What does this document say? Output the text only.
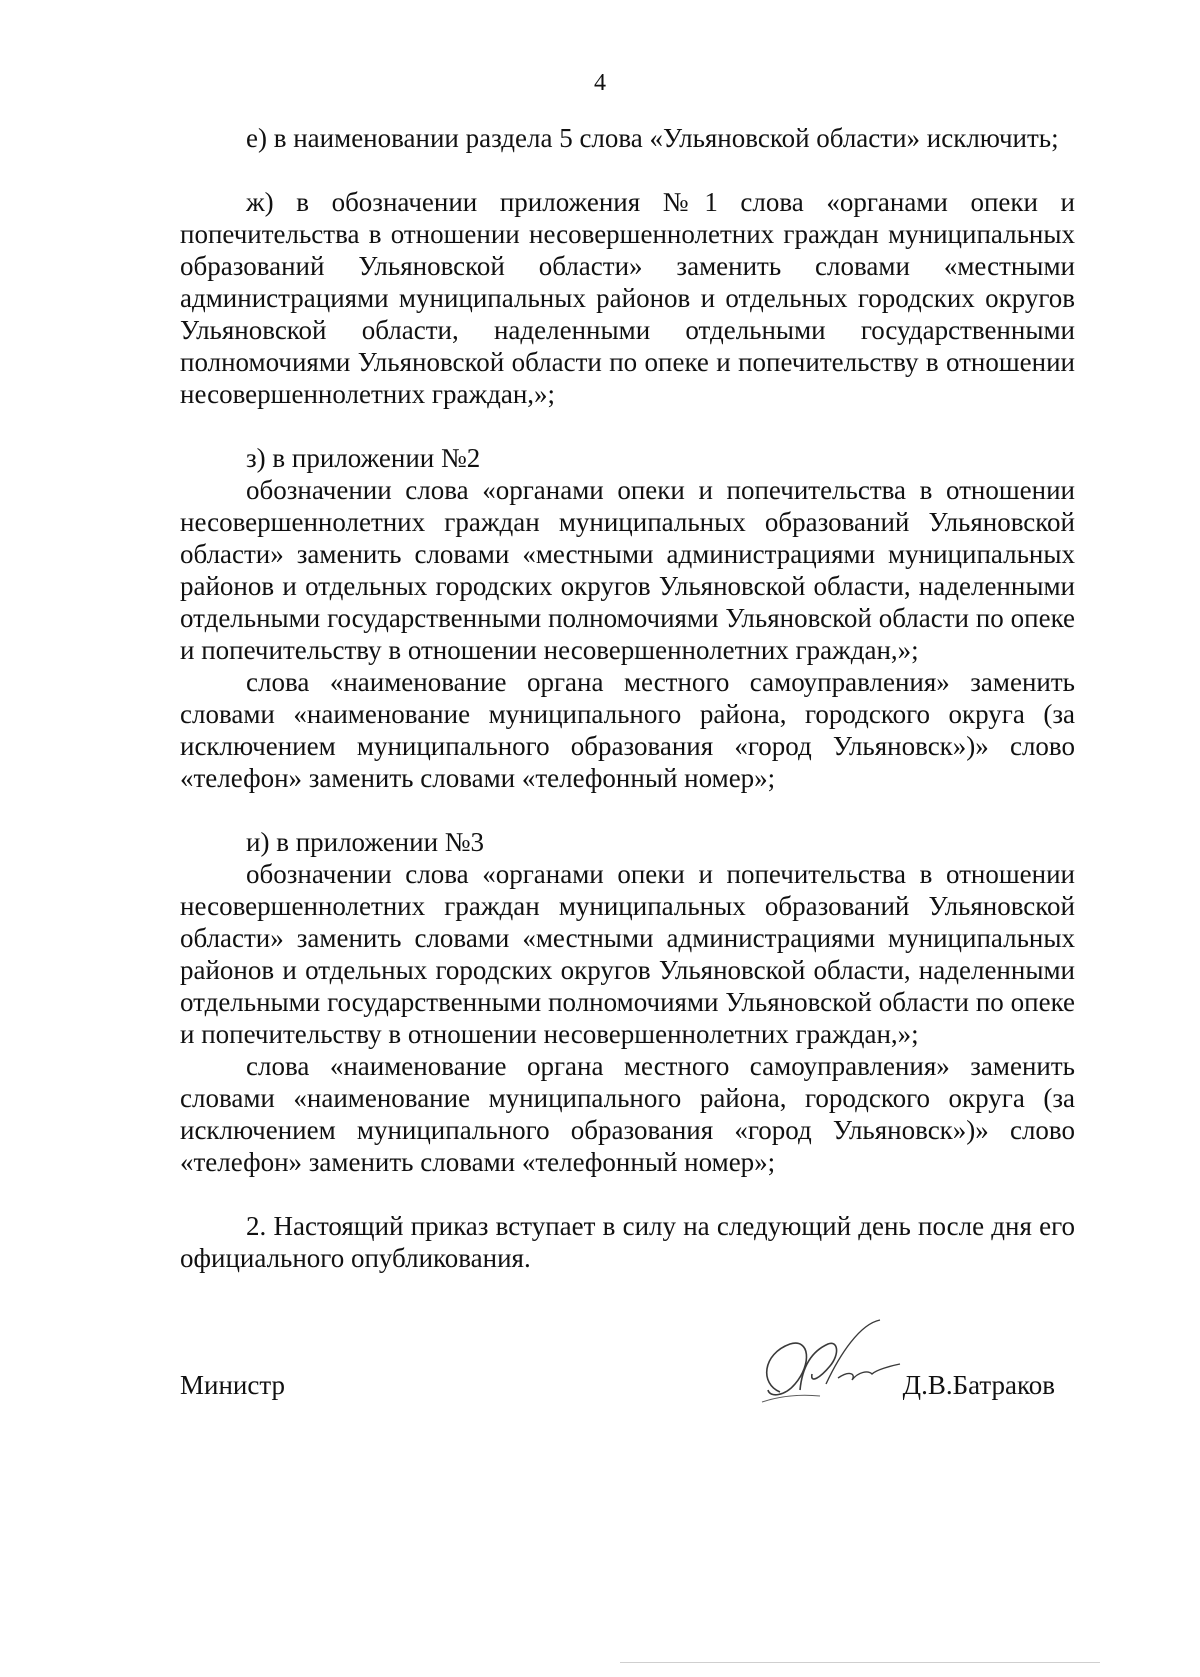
4

е) в наименовании раздела 5 слова «Ульяновской области» исключить;

ж) в обозначении приложения №1 слова «органами опеки и попечительства в отношении несовершеннолетних граждан муниципальных образований Ульяновской области» заменить словами «местными администрациями муниципальных районов и отдельных городских округов Ульяновской области, наделенными отдельными государственными полномочиями Ульяновской области по опеке и попечительству в отношении несовершеннолетних граждан,»;

з) в приложении №2

обозначении слова «органами опеки и попечительства в отношении несовершеннолетних граждан муниципальных образований Ульяновской области» заменить словами «местными администрациями муниципальных районов и отдельных городских округов Ульяновской области, наделенными отдельными государственными полномочиями Ульяновской области по опеке и попечительству в отношении несовершеннолетних граждан,»;

слова «наименование органа местного самоуправления» заменить словами «наименование муниципального района, городского округа (за исключением муниципального образования «город Ульяновск»)» слово «телефон» заменить словами «телефонный номер»;

и) в приложении №3

обозначении слова «органами опеки и попечительства в отношении несовершеннолетних граждан муниципальных образований Ульяновской области» заменить словами «местными администрациями муниципальных районов и отдельных городских округов Ульяновской области, наделенными отдельными государственными полномочиями Ульяновской области по опеке и попечительству в отношении несовершеннолетних граждан,»;

слова «наименование органа местного самоуправления» заменить словами «наименование муниципального района, городского округа (за исключением муниципального образования «город Ульяновск»)» слово «телефон» заменить словами «телефонный номер»;

2. Настоящий приказ вступает в силу на следующий день после дня его официального опубликования.

Министр	Д.В.Батраков
